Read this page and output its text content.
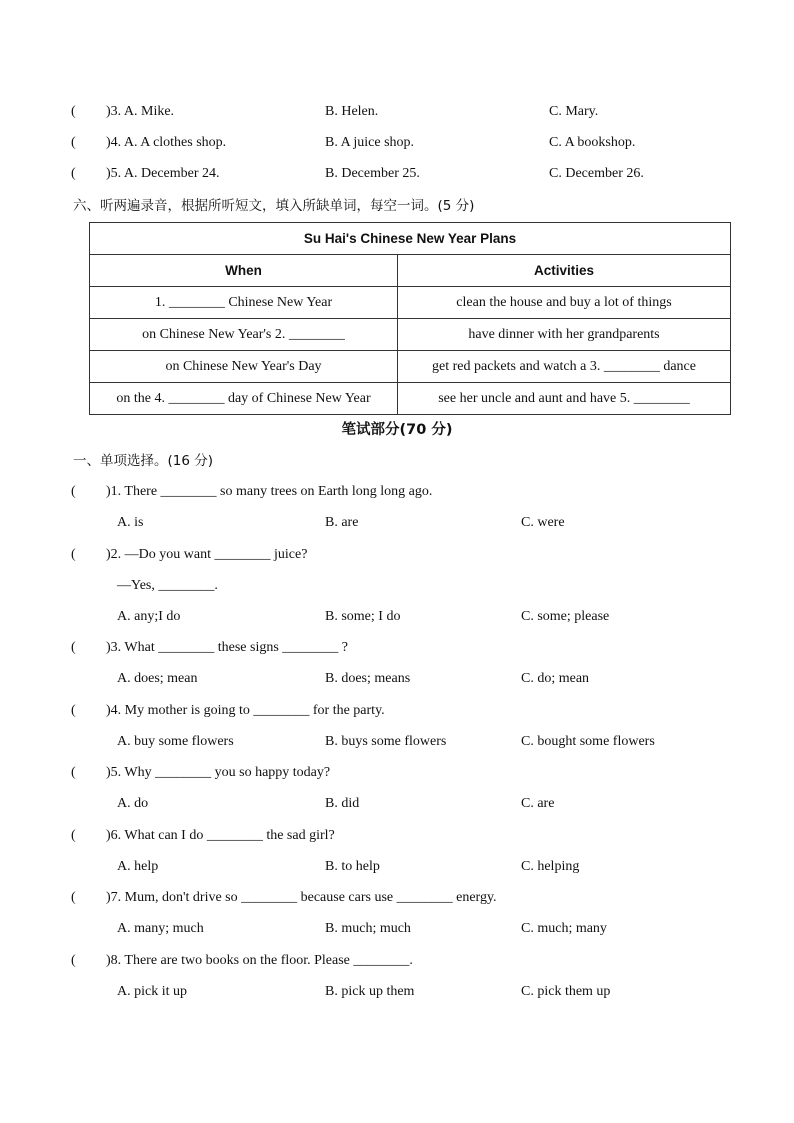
( )3. A. Mike.	B. Helen.	C. Mary.
( )4. A. A clothes shop.	B. A juice shop.	C. A bookshop.
( )5. A. December 24.	B. December 25.	C. December 26.
六、听两遍录音，根据所听短文，填入所缺单词，每空一词。(5 分)
Su Hai's Chinese New Year Plans	
When	Activities
1. ________ Chinese New Year	clean the house and buy a lot of things
on Chinese New Year's 2. ________	have dinner with her grandparents
on Chinese New Year's Day	get red packets and watch a 3. ________ dance
on the 4. ________ day of Chinese New Year	see her uncle and aunt and have 5. ________
笔试部分(70 分)
一、单项选择。(16 分)
( )1. There ________ so many trees on Earth long long ago.
A. is	B. are	C. were
( )2. —Do you want ________ juice?
—Yes, ________.
A. any;I do	B. some; I do	C. some; please
( )3. What ________ these signs ________ ?
A. does; mean	B. does; means	C. do; mean
( )4. My mother is going to ________ for the party.
A. buy some flowers	B. buys some flowers	C. bought some flowers
( )5. Why ________ you so happy today?
A. do	B. did	C. are
( )6. What can I do ________ the sad girl?
A. help	B. to help	C. helping
( )7. Mum, don't drive so ________ because cars use ________ energy.
A. many; much	B. much; much	C. much; many
( )8. There are two books on the floor. Please ________.
A. pick it up	B. pick up them	C. pick them up
